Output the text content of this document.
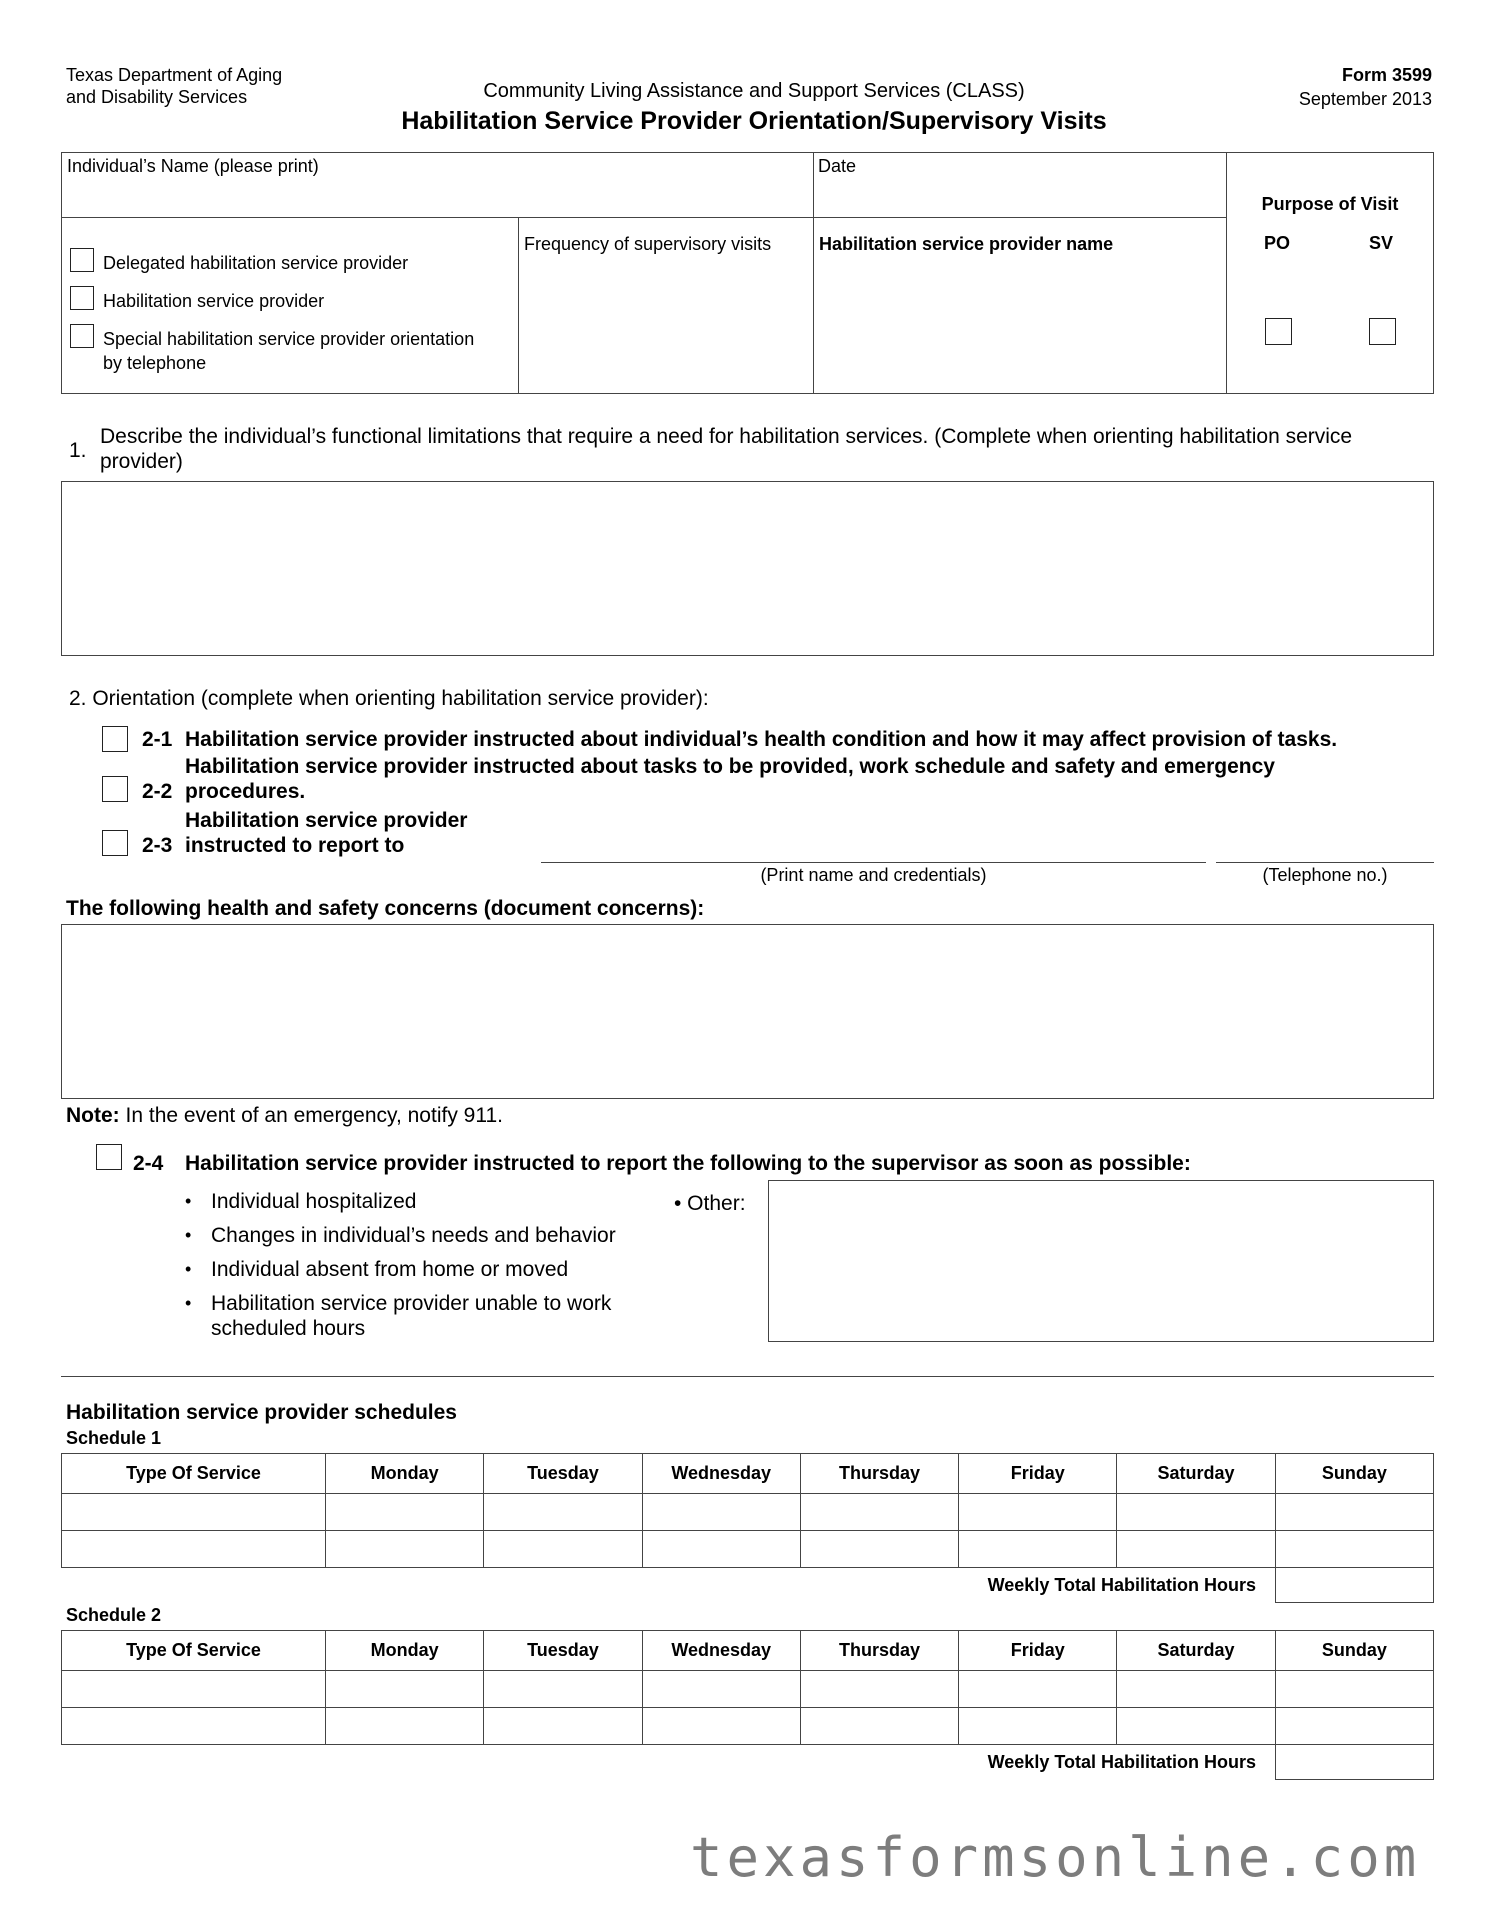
Texas Department of Aging
and Disability Services	Community Living Assistance and Support Services (CLASS)
Habilitation Service Provider Orientation/Supervisory Visits
Form 3599
September 2013
Individual’s Name (please print)	Date
Purpose of Visit
PO	SV
Delegated habilitation service provider
Habilitation service provider
Special habilitation service provider orientation
by telephone
Frequency of supervisory visits	Habilitation service provider name
1.
Describe the individual’s functional limitations that require a need for habilitation services. (Complete when orienting habilitation service
provider)
2. Orientation (complete when orienting habilitation service provider):
2-1 Habilitation service provider instructed about individual’s health condition and how it may affect provision of tasks.
2-2
Habilitation service provider instructed about tasks to be provided, work schedule and safety and emergency
procedures.
2-3
Habilitation service provider
instructed to report to
(Print name and credentials)	(Telephone no.)
The following health and safety concerns (document concerns):
Note: In the event of an emergency, notify 911.
2-4 Habilitation service provider instructed to report the following to the supervisor as soon as possible:
• Individual hospitalized
• Changes in individual’s needs and behavior
• Individual absent from home or moved
• Habilitation service provider unable to work
scheduled hours
• Other:
Habilitation service provider schedules
Schedule 1
Type Of Service	Monday	Tuesday	Wednesday	Thursday	Friday	Saturday	Sunday

Weekly Total Habilitation Hours
Schedule 2
Type Of Service	Monday	Tuesday	Wednesday	Thursday	Friday	Saturday	Sunday

Weekly Total Habilitation Hours
texasformsonline.com
